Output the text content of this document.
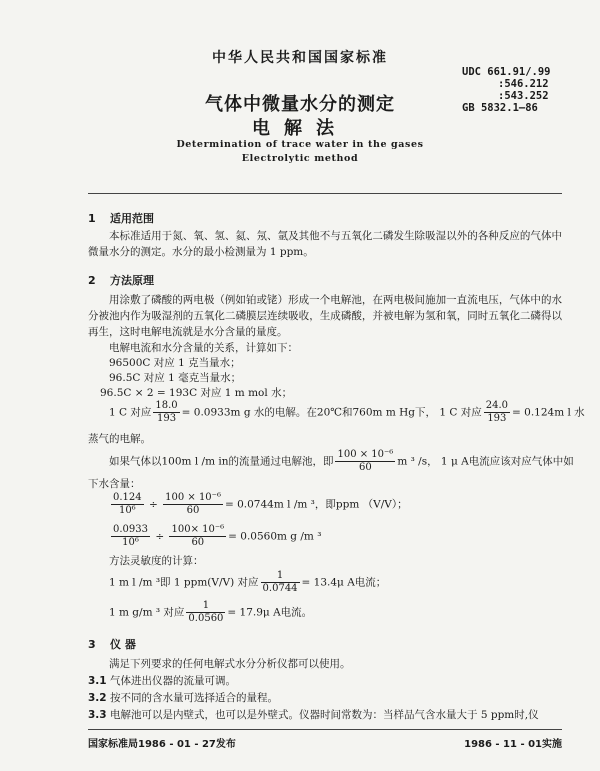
中华人民共和国国家标准
UDC 661.91/.99
:546.212
:543.252
GB 5832.1—86
气体中微量水分的测定
电解法
Determination of trace water in the gases
Electrolytic method
1 适用范围
本标准适用于氮、氧、氢、氦、氖、氩及其他不与五氧化二磷发生除吸湿以外的各种反应的气体中微量水分的测定。水分的最小检测量为 1 ppm。
2 方法原理
用涂敷了磷酸的两电极（例如铂或铑）形成一个电解池，在两电极间施加一直流电压，气体中的水分被池内作为吸湿剂的五氧化二磷膜层连续吸收，生成磷酸，并被电解为氢和氧，同时五氧化二磷得以再生，这时电解电流就是水分含量的量度。
电解电流和水分含量的关系，计算如下：
96500C 对应 1 克当量水；
96.5C 对应 1 毫克当量水；
96.5C × 2 = 193C 对应 1 m mol 水；
1 C 对应 $\frac{18.0}{193} = 0.0933m$ g 水的电解。在20℃和760m m Hg下， 1 C 对应 $\frac{24.0}{193} = 0.124m$ l 水
蒸气的电解。
如果气体以100m l /m in的流量通过电解池，即 $\frac{\text{100 × 10⁻⁶}}{60}$ m ³ /s， 1 μ A电流应该对应气体中如
下水含量：
$\frac{0.124}{\text{10⁶}} \div \frac{\text{100 × 10⁻⁶}}{60} = 0.0744m$ l /m ³，即ppm （V/V）；
$\frac{0.0933}{\text{10⁶}} \div \frac{\text{100× 10⁻⁶}}{60} = 0.0560m$ g /m ³
方法灵敏度的计算：
1 m l /m ³即 1 ppm(V/V) 对应 $\frac{1}{0.0744} = 13.4\mu$ A电流；
1 m g/m ³ 对应 $\frac{1}{0.0560} = 17.9\mu$ A电流。
3 仪 器
满足下列要求的任何电解式水分分析仪都可以使用。
3.1 气体进出仪器的流量可调。
3.2 按不同的含水量可选择适合的量程。
3.3 电解池可以是内壁式，也可以是外壁式。仪器时间常数为：当样品气含水量大于 5 ppm时,仪
国家标准局1986 - 01 - 27发布	1986 - 11 - 01实施
